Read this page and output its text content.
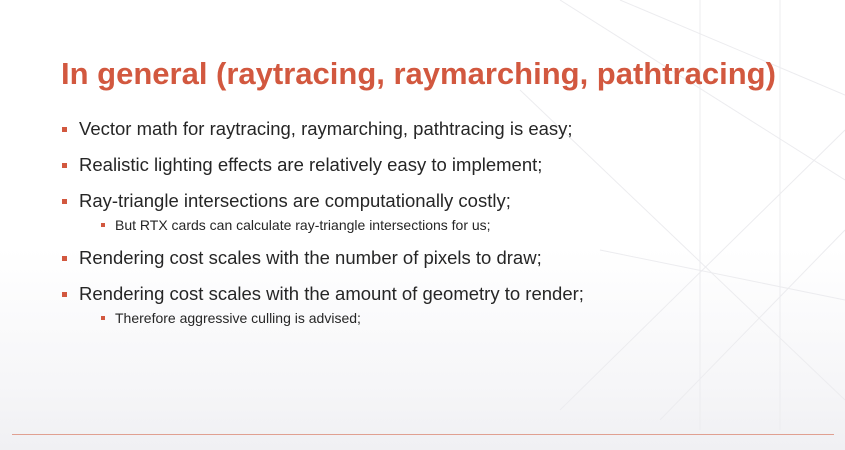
In general (raytracing, raymarching, pathtracing)
Vector math for raytracing, raymarching, pathtracing is easy;
Realistic lighting effects are relatively easy to implement;
Ray-triangle intersections are computationally costly;
But RTX cards can calculate ray-triangle intersections for us;
Rendering cost scales with the number of pixels to draw;
Rendering cost scales with the amount of geometry to render;
Therefore aggressive culling is advised;
